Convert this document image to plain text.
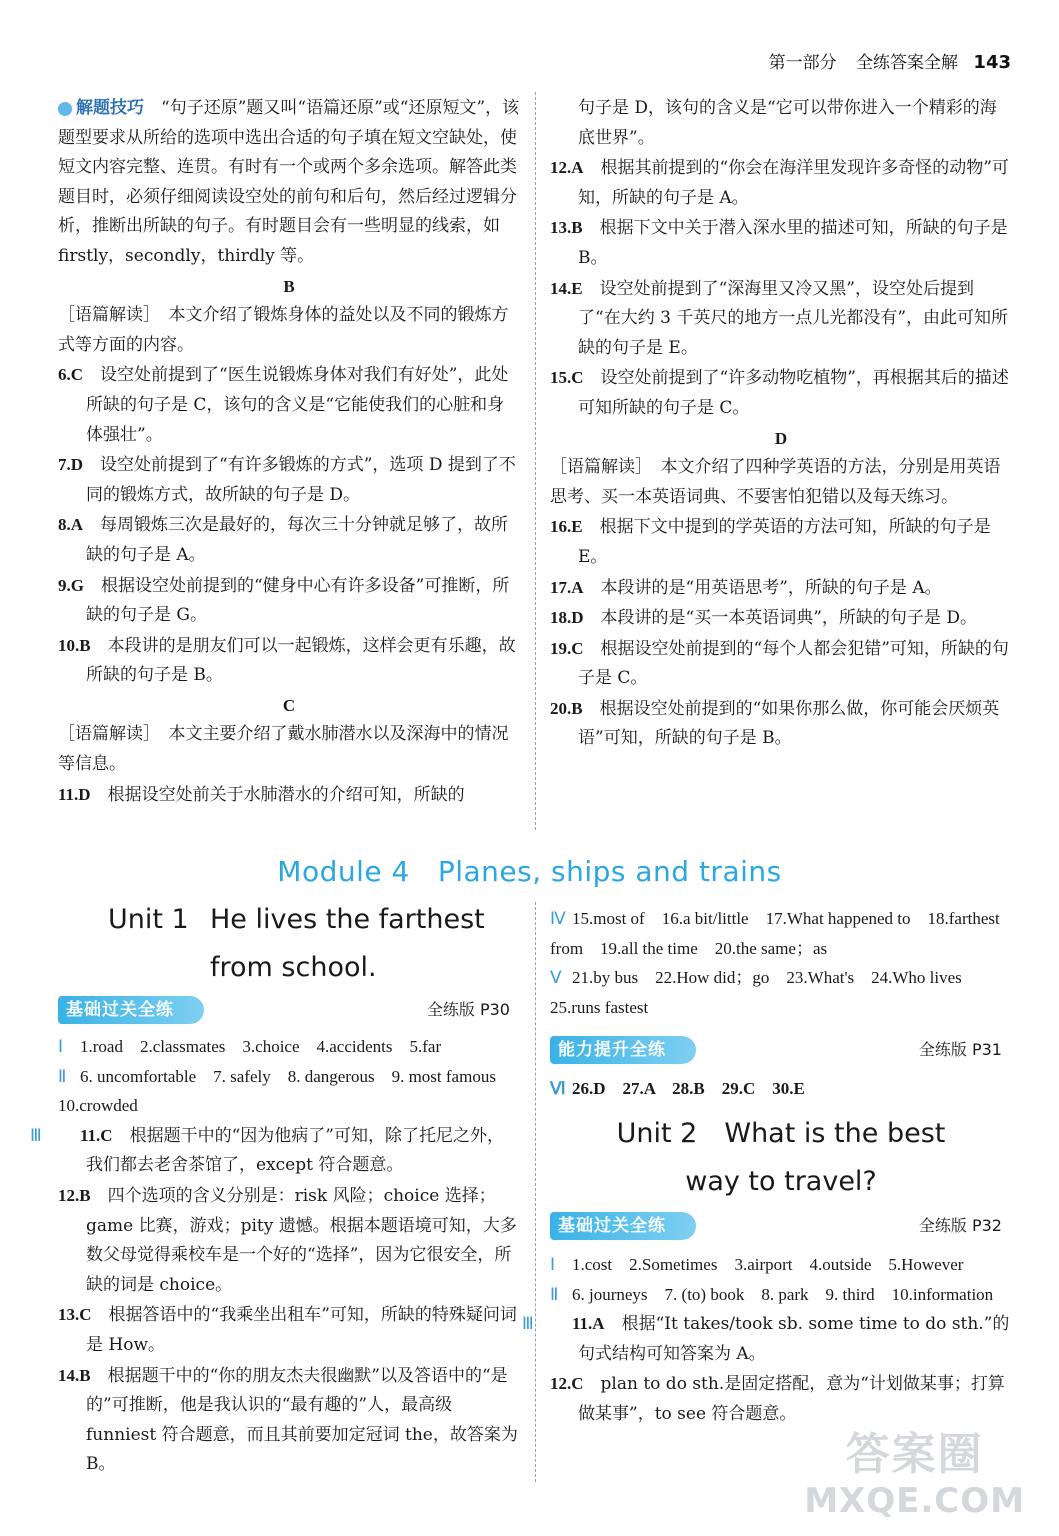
第一部分 全练答案全解 143

解题技巧　 “句子还原”题又叫“语篇还原”或“还原短文”，该题型要求从所给的选项中选出合适的句子填在短文空缺处，使短文内容完整、连贯。有时有一个或两个多余选项。解答此类题目时，必须仔细阅读设空处的前句和后句，然后经过逻辑分析，推断出所缺的句子。有时题目会有一些明显的线索，如 firstly，secondly，thirdly 等。

B

［语篇解读］　本文介绍了锻炼身体的益处以及不同的锻炼方式等方面的内容。

6.C　 设空处前提到了“医生说锻炼身体对我们有好处”，此处所缺的句子是 C，该句的含义是“它能使我们的心脏和身体强壮”。

7.D　 设空处前提到了“有许多锻炼的方式”，选项 D 提到了不同的锻炼方式，故所缺的句子是 D。

8.A　 每周锻炼三次是最好的，每次三十分钟就足够了，故所缺的句子是 A。

9.G　 根据设空处前提到的“健身中心有许多设备”可推断，所缺的句子是 G。

10.B　 本段讲的是朋友们可以一起锻炼，这样会更有乐趣，故所缺的句子是 B。

C

［语篇解读］　本文主要介绍了戴水肺潜水以及深海中的情况等信息。

11.D　 根据设空处前关于水肺潜水的介绍可知，所缺的

句子是 D，该句的含义是“它可以带你进入一个精彩的海底世界”。

12.A　 根据其前提到的“你会在海洋里发现许多奇怪的动物”可知，所缺的句子是 A。

13.B　 根据下文中关于潜入深水里的描述可知，所缺的句子是 B。

14.E　 设空处前提到了“深海里又冷又黑”，设空处后提到了“在大约 3 千英尺的地方一点儿光都没有”，由此可知所缺的句子是 E。

15.C　 设空处前提到了“许多动物吃植物”，再根据其后的描述可知所缺的句子是 C。

D

［语篇解读］　本文介绍了四种学英语的方法，分别是用英语思考、买一本英语词典、不要害怕犯错以及每天练习。

16.E　 根据下文中提到的学英语的方法可知，所缺的句子是 E。

17.A　 本段讲的是“用英语思考”，所缺的句子是 A。

18.D　 本段讲的是“买一本英语词典”，所缺的句子是 D。

19.C　 根据设空处前提到的“每个人都会犯错”可知，所缺的句子是 C。

20.B　 根据设空处前提到的“如果你那么做，你可能会厌烦英语”可知，所缺的句子是 B。

Module 4 Planes, ships and trains
Unit 1 He lives the farthest
from school.
基础过关全练	全练版 P30

Ⅰ 1.road　2.classmates　3.choice　4.accidents　5.far

Ⅱ 6. uncomfortable　7. safely　8. dangerous　9. most famous　10.crowded

Ⅲ 11.C　 根据题干中的“因为他病了”可知，除了托尼之外，我们都去老舍茶馆了，except 符合题意。

12.B　 四个选项的含义分别是：risk 风险；choice 选择；game 比赛，游戏；pity 遗憾。根据本题语境可知，大多数父母觉得乘校车是一个好的“选择”，因为它很安全，所缺的词是 choice。

13.C　 根据答语中的“我乘坐出租车”可知，所缺的特殊疑问词是 How。

14.B　 根据题干中的“你的朋友杰夫很幽默”以及答语中的“是的”可推断，他是我认识的“最有趣的”人，最高级 funniest 符合题意，而且其前要加定冠词 the，故答案为 B。

Ⅳ 15.most of　16.a bit/little　17.What happened to　18.farthest from　19.all the time　20.the same；as

Ⅴ 21.by bus　22.How did；go　23.What's　24.Who lives　25.runs fastest

能力提升全练	全练版 P31

Ⅵ 26.D　27.A　28.B　29.C　30.E

Unit 2　 What is the best
way to travel?
基础过关全练	全练版 P32

Ⅰ 1.cost　2.Sometimes　3.airport　4.outside　5.However

Ⅱ 6. journeys　7. (to) book　8. park　9. third　10.information

Ⅲ 11.A　 根据“It takes/took sb. some time to do sth.”的句式结构可知答案为 A。

12.C　 plan to do sth.是固定搭配，意为“计划做某事；打算做某事”，to see 符合题意。

答案圈
MXQE.COM
